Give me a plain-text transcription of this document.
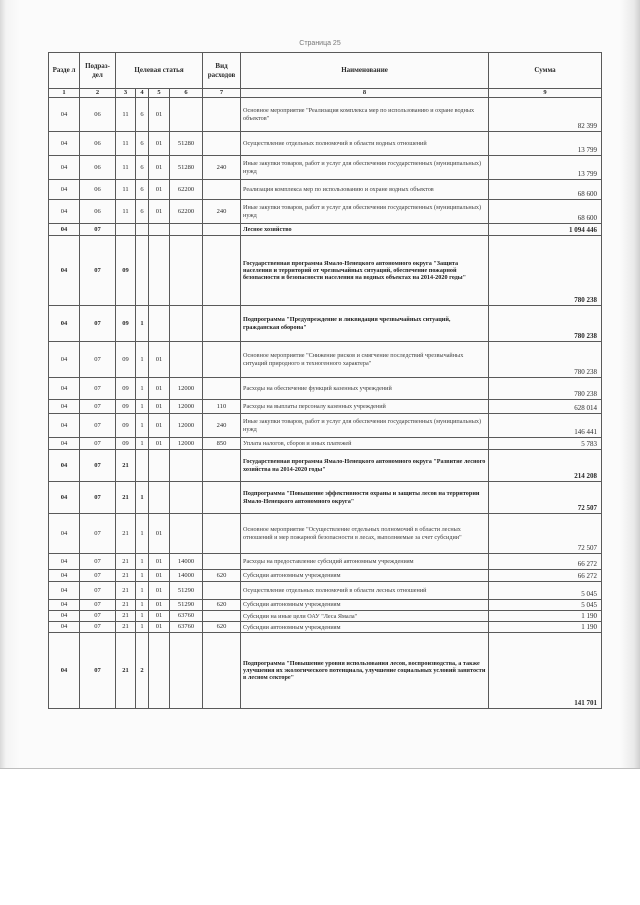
Страница 25
Разде л	Подраз- дел	Целевая статья				Вид расходов	Наименование	Сумма
1	2	3	4	5	6	7	8	9
04	06	11	6	01			Основное мероприятие "Реализация комплекса мер по использованию и охране водных объектов"	82 399
04	06	11	6	01	51280		Осуществление отдельных полномочий в области водных отношений	13 799
04	06	11	6	01	51280	240	Иные закупки товаров, работ и услуг для обеспечения государственных (муниципальных) нужд	13 799
04	06	11	6	01	62200		Реализация комплекса мер по использованию и охране водных объектов	68 600
04	06	11	6	01	62200	240	Иные закупки товаров, работ и услуг для обеспечения государственных (муниципальных) нужд	68 600
04	07						Лесное хозяйство	1 094 446
04	07	09					Государственная программа Ямало-Ненецкого автономного округа "Защита населения и территорий от чрезвычайных ситуаций, обеспечение пожарной безопасности и безопасности населения на водных объектах на 2014-2020 годы"	780 238
04	07	09	1				Подпрограмма "Предупреждение и ликвидация чрезвычайных ситуаций, гражданская оборона"	780 238
04	07	09	1	01			Основное мероприятие "Снижение рисков и смягчение последствий чрезвычайных ситуаций природного и техногенного характера"	780 238
04	07	09	1	01	12000		Расходы на обеспечение функций казенных учреждений	780 238
04	07	09	1	01	12000	110	Расходы на выплаты персоналу казенных учреждений	628 014
04	07	09	1	01	12000	240	Иные закупки товаров, работ и услуг для обеспечения государственных (муниципальных) нужд	146 441
04	07	09	1	01	12000	850	Уплата налогов, сборов и иных платежей	5 783
04	07	21					Государственная программа Ямало-Ненецкого автономного округа "Развитие лесного хозяйства на 2014-2020 годы"	214 208
04	07	21	1				Подпрограмма "Повышение эффективности охраны и защиты лесов на территории Ямало-Ненецкого автономного округа"	72 507
04	07	21	1	01			Основное мероприятие "Осуществление отдельных полномочий в области лесных отношений и мер пожарной безопасности в лесах, выполняемые за счет субсидии"	72 507
04	07	21	1	01	14000		Расходы на предоставление субсидий автономным учреждениям	66 272
04	07	21	1	01	14000	620	Субсидии автономным учреждениям	66 272
04	07	21	1	01	51290		Осуществление отдельных полномочий в области лесных отношений	5 045
04	07	21	1	01	51290	620	Субсидии автономным учреждениям	5 045
04	07	21	1	01	63760		Субсидии на иные цели ОАУ "Леса Ямала"	1 190
04	07	21	1	01	63760	620	Субсидии автономным учреждениям	1 190
04	07	21	2				Подпрограмма "Повышение уровня использования лесов, воспроизводства, а также улучшения их экологического потенциала, улучшение социальных условий занятости в лесном секторе"	141 701
